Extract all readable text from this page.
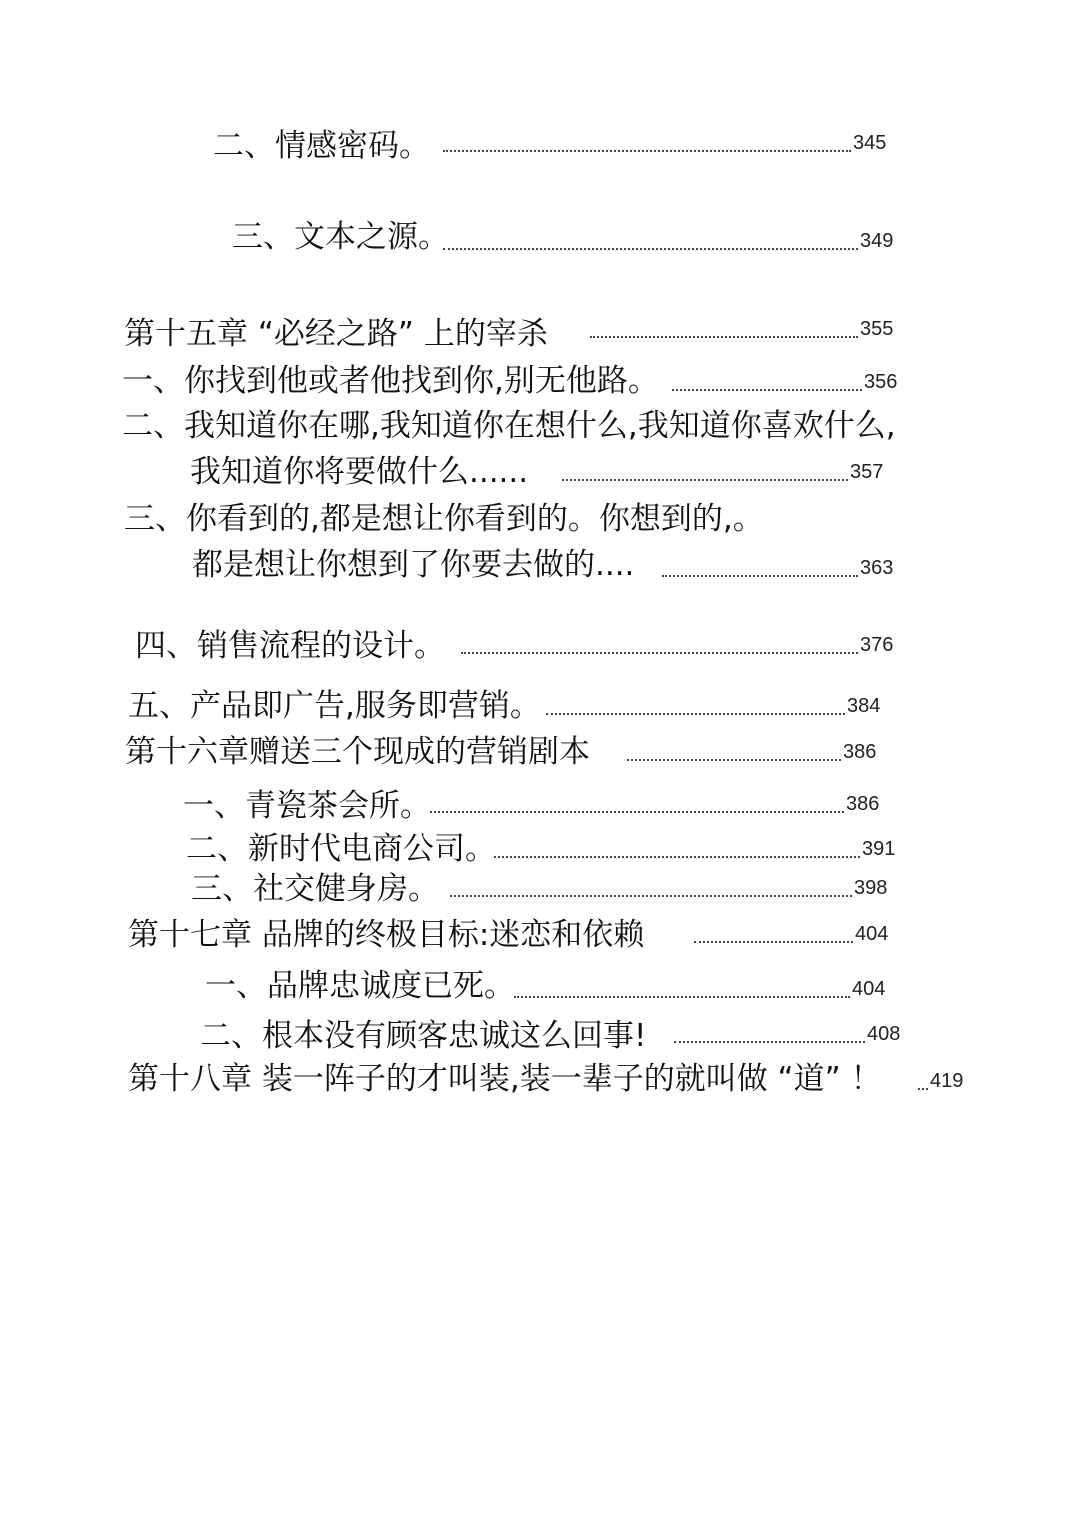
二、情感密码。	345
三、文本之源。	349
第十五章 “必经之路” 上的宰杀	355
一、你找到他或者他找到你,别无他路。	356
二、我知道你在哪,我知道你在想什么,我知道你喜欢什么,
我知道你将要做什么......	357
三、你看到的,都是想让你看到的。你想到的,。
都是想让你想到了你要去做的....	363
四、销售流程的设计。	376
五、产品即广告,服务即营销。	384
第十六章赠送三个现成的营销剧本	386
一、青瓷茶会所。	386
二、新时代电商公司。	391
三、社交健身房。	398
第十七章 品牌的终极目标:迷恋和依赖	404
一、品牌忠诚度已死。	404
二、根本没有顾客忠诚这么回事!	408
第十八章 装一阵子的才叫装,装一辈子的就叫做 “道” ！ 419
